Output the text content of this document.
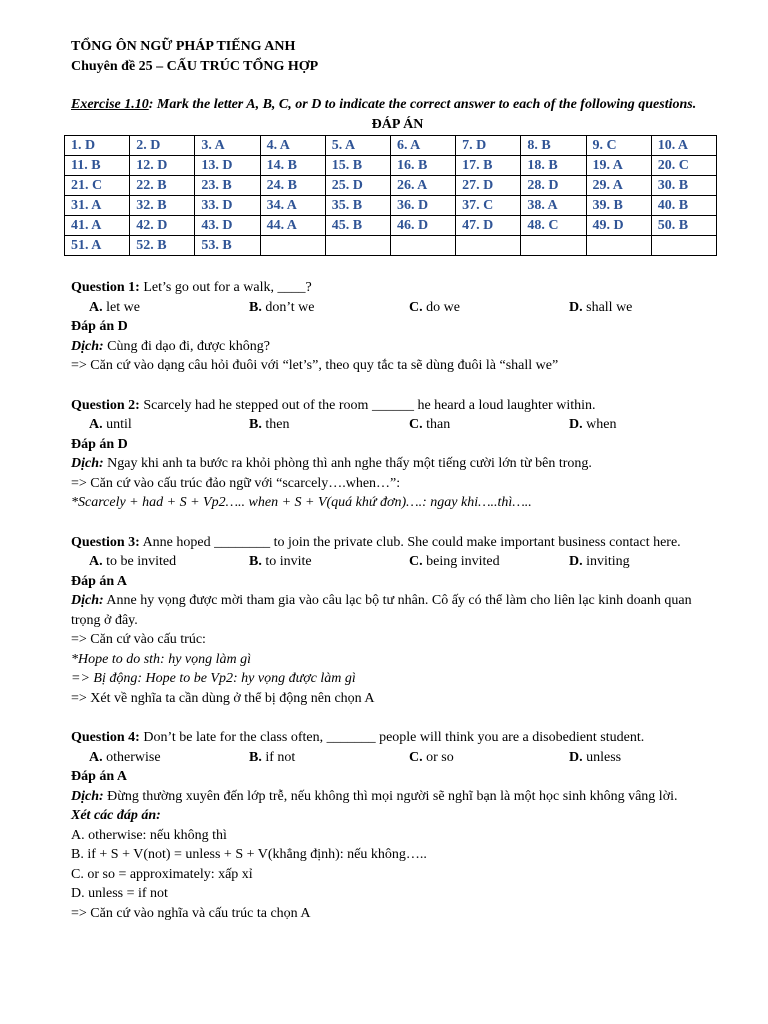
TỔNG ÔN NGỮ PHÁP TIẾNG ANH
Chuyên đề 25 – CẤU TRÚC TỔNG HỢP
Exercise 1.10: Mark the letter A, B, C, or D to indicate the correct answer to each of the following questions.
ĐÁP ÁN
1. D	2. D	3. A	4. A	5. A	6. A	7. D	8. B	9. C	10. A
11. B	12. D	13. D	14. B	15. B	16. B	17. B	18. B	19. A	20. C
21. C	22. B	23. B	24. B	25. D	26. A	27. D	28. D	29. A	30. B
31. A	32. B	33. D	34. A	35. B	36. D	37. C	38. A	39. B	40. B
41. A	42. D	43. D	44. A	45. B	46. D	47. D	48. C	49. D	50. B
51. A	52. B	53. B							
Question 1: Let’s go out for a walk, ____?
A. let we	B. don’t we	C. do we	D. shall we
Đáp án D
Dịch: Cùng đi dạo đi, được không?
=> Căn cứ vào dạng câu hỏi đuôi với “let’s”, theo quy tắc ta sẽ dùng đuôi là “shall we”
Question 2: Scarcely had he stepped out of the room ______ he heard a loud laughter within.
A. until	B. then	C. than	D. when
Đáp án D
Dịch: Ngay khi anh ta bước ra khỏi phòng thì anh nghe thấy một tiếng cười lớn từ bên trong.
=> Căn cứ vào cấu trúc đảo ngữ với “scarcely….when…”:
*Scarcely + had + S + Vp2….. when + S + V(quá khứ đơn)….: ngay khi…..thì…..
Question 3: Anne hoped ________ to join the private club. She could make important business contact here.
A. to be invited	B. to invite	C. being invited	D. inviting
Đáp án A
Dịch: Anne hy vọng được mời tham gia vào câu lạc bộ tư nhân. Cô ấy có thể làm cho liên lạc kinh doanh quan trọng ở đây.
=> Căn cứ vào cấu trúc:
*Hope to do sth: hy vọng làm gì
=> Bị động: Hope to be Vp2: hy vọng được làm gì
=> Xét về nghĩa ta cần dùng ở thể bị động nên chọn A
Question 4: Don’t be late for the class often, _______ people will think you are a disobedient student.
A. otherwise	B. if not	C. or so	D. unless
Đáp án A
Dịch: Đừng thường xuyên đến lớp trễ, nếu không thì mọi người sẽ nghĩ bạn là một học sinh không vâng lời.
Xét các đáp án:
A. otherwise: nếu không thì
B. if + S + V(not) = unless + S + V(khẳng định): nếu không…..
C. or so = approximately: xấp xỉ
D. unless = if not
=> Căn cứ vào nghĩa và cấu trúc ta chọn A
